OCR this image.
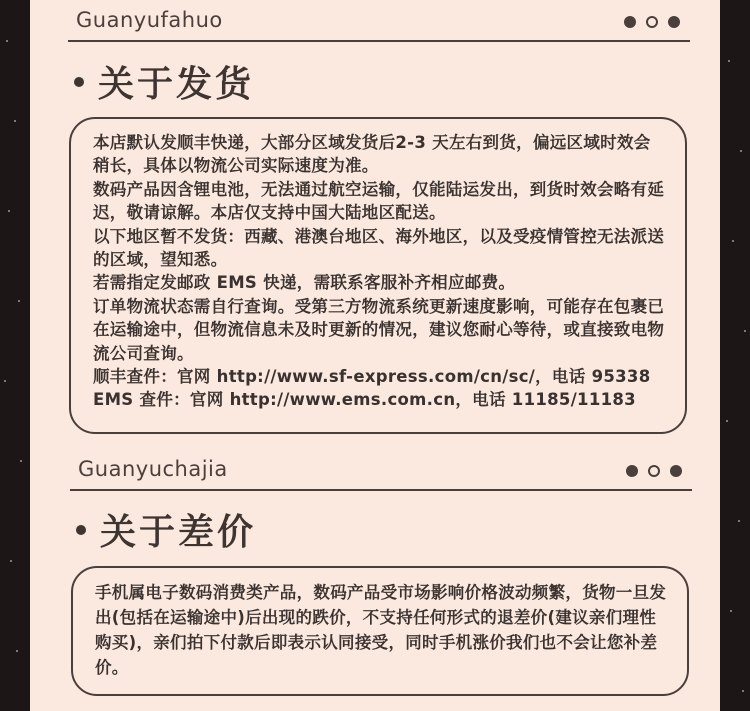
Guanyufahuo
关于发货

本店默认发顺丰快递，大部分区域发货后2-3 天左右到货，偏远区域时效会稍长，具体以物流公司实际速度为准。

数码产品因含锂电池，无法通过航空运输，仅能陆运发出，到货时效会略有延迟，敬请谅解。本店仅支持中国大陆地区配送。

以下地区暂不发货：西藏、港澳台地区、海外地区，以及受疫情管控无法派送的区域，望知悉。

若需指定发邮政 EMS 快递，需联系客服补齐相应邮费。

订单物流状态需自行查询。受第三方物流系统更新速度影响，可能存在包裹已在运输途中，但物流信息未及时更新的情况，建议您耐心等待，或直接致电物流公司查询。

顺丰查件：官网 http://www.sf-express.com/cn/sc/，电话 95338

EMS 查件：官网 http://www.ems.com.cn，电话 11185/11183

Guanyuchajia
关于差价

手机属电子数码消费类产品，数码产品受市场影响价格波动频繁，货物一旦发出(包括在运输途中)后出现的跌价，不支持任何形式的退差价(建议亲们理性购买)，亲们拍下付款后即表示认同接受，同时手机涨价我们也不会让您补差价。
